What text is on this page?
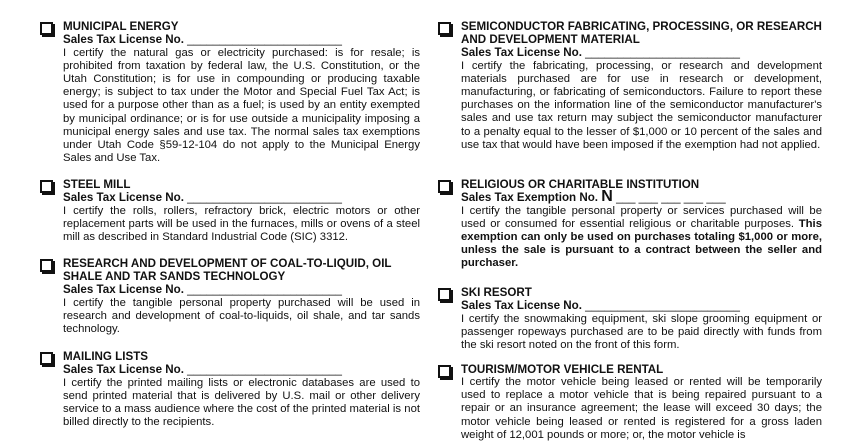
MUNICIPAL ENERGY
Sales Tax License No. ________________________
I certify the natural gas or electricity purchased: is for resale; is prohibited from taxation by federal law, the U.S. Constitution, or the Utah Constitution; is for use in compounding or producing taxable energy; is subject to tax under the Motor and Special Fuel Tax Act; is used for a purpose other than as a fuel; is used by an entity exempted by municipal ordinance; or is for use outside a municipality imposing a municipal energy sales and use tax. The normal sales tax exemptions under Utah Code §59-12-104 do not apply to the Municipal Energy Sales and Use Tax.
STEEL MILL
Sales Tax License No. ________________________
I certify the rolls, rollers, refractory brick, electric motors or other replacement parts will be used in the furnaces, mills or ovens of a steel mill as described in Standard Industrial Code (SIC) 3312.
RESEARCH AND DEVELOPMENT OF COAL-TO-LIQUID, OIL SHALE AND TAR SANDS TECHNOLOGY
Sales Tax License No. ________________________
I certify the tangible personal property purchased will be used in research and development of coal-to-liquids, oil shale, and tar sands technology.
MAILING LISTS
Sales Tax License No. ________________________
I certify the printed mailing lists or electronic databases are used to send printed material that is delivered by U.S. mail or other delivery service to a mass audience where the cost of the printed material is not billed directly to the recipients.
SEMICONDUCTOR FABRICATING, PROCESSING, OR RESEARCH AND DEVELOPMENT MATERIAL
Sales Tax License No. ________________________
I certify the fabricating, processing, or research and development materials purchased are for use in research or development, manufacturing, or fabricating of semiconductors. Failure to report these purchases on the information line of the semiconductor manufacturer's sales and use tax return may subject the semiconductor manufacturer to a penalty equal to the lesser of $1,000 or 10 percent of the sales and use tax that would have been imposed if the exemption had not applied.
RELIGIOUS OR CHARITABLE INSTITUTION
Sales Tax Exemption No. N ___ ___ ___ ___ ___
I certify the tangible personal property or services purchased will be used or consumed for essential religious or charitable purposes. This exemption can only be used on purchases totaling $1,000 or more, unless the sale is pursuant to a contract between the seller and purchaser.
SKI RESORT
Sales Tax License No. ________________________
I certify the snowmaking equipment, ski slope grooming equipment or passenger ropeways purchased are to be paid directly with funds from the ski resort noted on the front of this form.
TOURISM/MOTOR VEHICLE RENTAL
I certify the motor vehicle being leased or rented will be temporarily used to replace a motor vehicle that is being repaired pursuant to a repair or an insurance agreement; the lease will exceed 30 days; the motor vehicle being leased or rented is registered for a gross laden weight of 12,001 pounds or more; or, the motor vehicle is
